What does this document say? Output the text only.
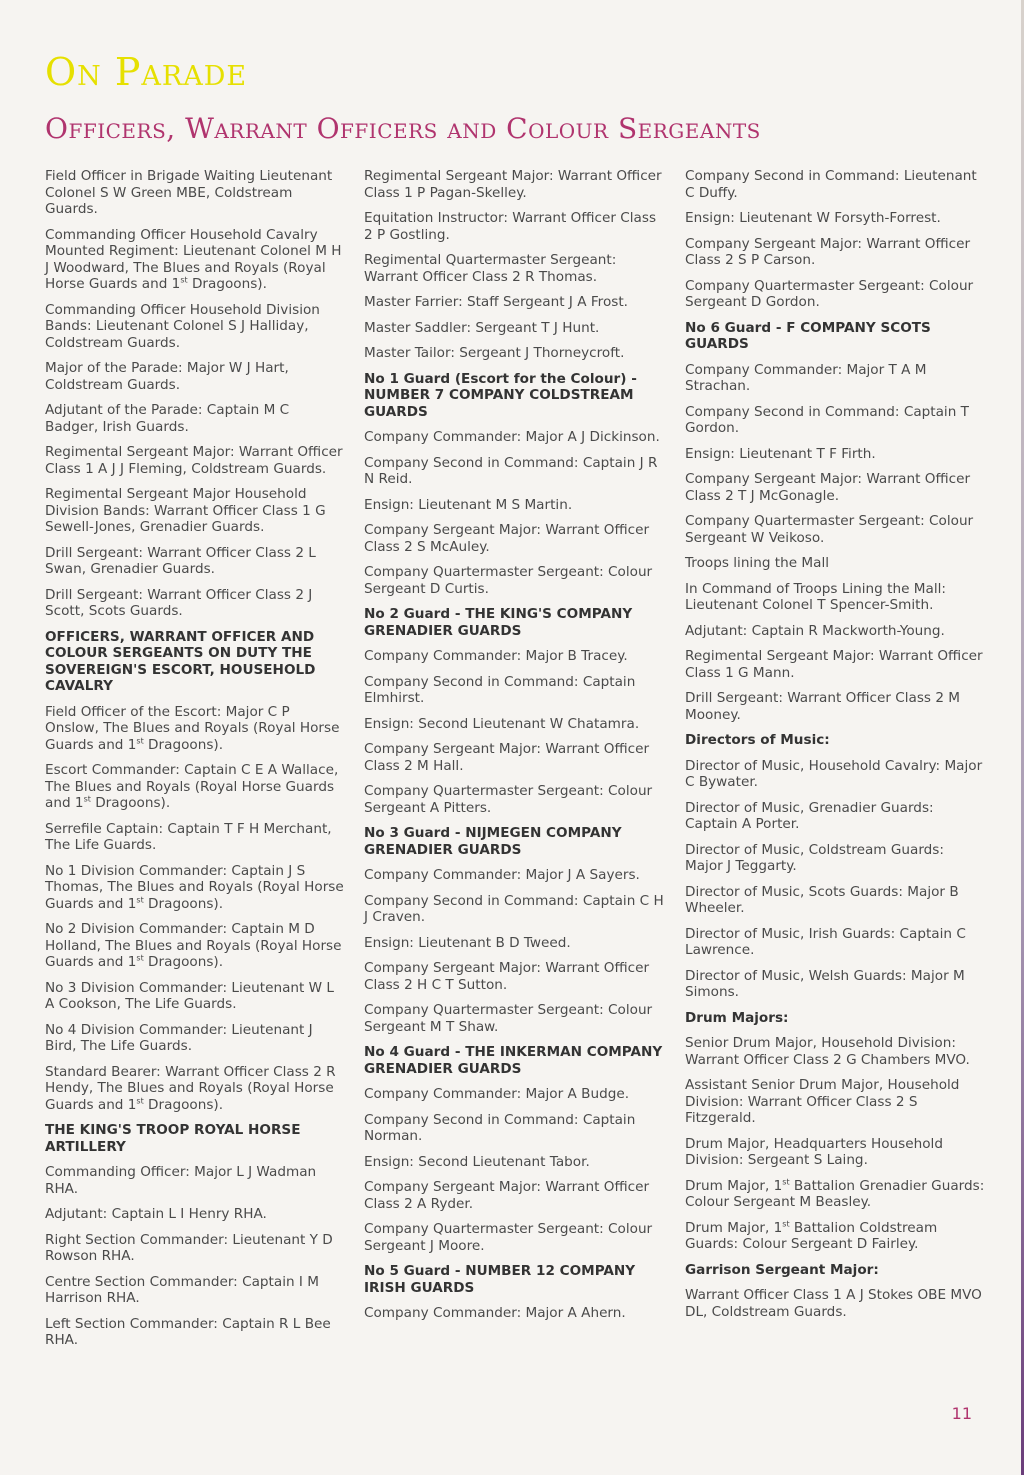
On Parade
Officers, Warrant Officers and Colour Sergeants

Field Officer in Brigade Waiting Lieutenant Colonel S W Green MBE, Coldstream Guards.

Commanding Officer Household Cavalry Mounted Regiment: Lieutenant Colonel M H J Woodward, The Blues and Royals (Royal Horse Guards and 1st Dragoons).

Commanding Officer Household Division Bands: Lieutenant Colonel S J Halliday, Coldstream Guards.

Major of the Parade: Major W J Hart, Coldstream Guards.

Adjutant of the Parade: Captain M C Badger, Irish Guards.

Regimental Sergeant Major: Warrant Officer Class 1 A J J Fleming, Coldstream Guards.

Regimental Sergeant Major Household Division Bands: Warrant Officer Class 1 G Sewell-Jones, Grenadier Guards.

Drill Sergeant: Warrant Officer Class 2 L Swan, Grenadier Guards.

Drill Sergeant: Warrant Officer Class 2 J Scott, Scots Guards.

OFFICERS, WARRANT OFFICER AND COLOUR SERGEANTS ON DUTY THE SOVEREIGN'S ESCORT, HOUSEHOLD CAVALRY

Field Officer of the Escort: Major C P Onslow, The Blues and Royals (Royal Horse Guards and 1st Dragoons).

Escort Commander: Captain C E A Wallace, The Blues and Royals (Royal Horse Guards and 1st Dragoons).

Serrefile Captain: Captain T F H Merchant, The Life Guards.

No 1 Division Commander: Captain J S Thomas, The Blues and Royals (Royal Horse Guards and 1st Dragoons).

No 2 Division Commander: Captain M D Holland, The Blues and Royals (Royal Horse Guards and 1st Dragoons).

No 3 Division Commander: Lieutenant W L A Cookson, The Life Guards.

No 4 Division Commander: Lieutenant J Bird, The Life Guards.

Standard Bearer: Warrant Officer Class 2 R Hendy, The Blues and Royals (Royal Horse Guards and 1st Dragoons).

THE KING'S TROOP ROYAL HORSE ARTILLERY

Commanding Officer: Major L J Wadman RHA.

Adjutant: Captain L I Henry RHA.

Right Section Commander: Lieutenant Y D Rowson RHA.

Centre Section Commander: Captain I M Harrison RHA.

Left Section Commander: Captain R L Bee RHA.

Regimental Sergeant Major: Warrant Officer Class 1 P Pagan-Skelley.

Equitation Instructor: Warrant Officer Class 2 P Gostling.

Regimental Quartermaster Sergeant: Warrant Officer Class 2 R Thomas.

Master Farrier: Staff Sergeant J A Frost.

Master Saddler: Sergeant T J Hunt.

Master Tailor: Sergeant J Thorneycroft.

No 1 Guard (Escort for the Colour) - NUMBER 7 COMPANY COLDSTREAM GUARDS

Company Commander: Major A J Dickinson.

Company Second in Command: Captain J R N Reid.

Ensign: Lieutenant M S Martin.

Company Sergeant Major: Warrant Officer Class 2 S McAuley.

Company Quartermaster Sergeant: Colour Sergeant D Curtis.

No 2 Guard - THE KING'S COMPANY GRENADIER GUARDS

Company Commander: Major B Tracey.

Company Second in Command: Captain Elmhirst.

Ensign: Second Lieutenant W Chatamra.

Company Sergeant Major: Warrant Officer Class 2 M Hall.

Company Quartermaster Sergeant: Colour Sergeant A Pitters.

No 3 Guard - NIJMEGEN COMPANY GRENADIER GUARDS

Company Commander: Major J A Sayers.

Company Second in Command: Captain C H J Craven.

Ensign: Lieutenant B D Tweed.

Company Sergeant Major: Warrant Officer Class 2 H C T Sutton.

Company Quartermaster Sergeant: Colour Sergeant M T Shaw.

No 4 Guard - THE INKERMAN COMPANY GRENADIER GUARDS

Company Commander: Major A Budge.

Company Second in Command: Captain Norman.

Ensign: Second Lieutenant Tabor.

Company Sergeant Major: Warrant Officer Class 2 A Ryder.

Company Quartermaster Sergeant: Colour Sergeant J Moore.

No 5 Guard - NUMBER 12 COMPANY IRISH GUARDS

Company Commander: Major A Ahern.

Company Second in Command: Lieutenant C Duffy.

Ensign: Lieutenant W Forsyth-Forrest.

Company Sergeant Major: Warrant Officer Class 2 S P Carson.

Company Quartermaster Sergeant: Colour Sergeant D Gordon.

No 6 Guard - F COMPANY SCOTS GUARDS

Company Commander: Major T A M Strachan.

Company Second in Command: Captain T Gordon.

Ensign: Lieutenant T F Firth.

Company Sergeant Major: Warrant Officer Class 2 T J McGonagle.

Company Quartermaster Sergeant: Colour Sergeant W Veikoso.

Troops lining the Mall

In Command of Troops Lining the Mall: Lieutenant Colonel T Spencer-Smith.

Adjutant: Captain R Mackworth-Young.

Regimental Sergeant Major: Warrant Officer Class 1 G Mann.

Drill Sergeant: Warrant Officer Class 2 M Mooney.

Directors of Music:

Director of Music, Household Cavalry: Major C Bywater.

Director of Music, Grenadier Guards: Captain A Porter.

Director of Music, Coldstream Guards: Major J Teggarty.

Director of Music, Scots Guards: Major B Wheeler.

Director of Music, Irish Guards: Captain C Lawrence.

Director of Music, Welsh Guards: Major M Simons.

Drum Majors:

Senior Drum Major, Household Division: Warrant Officer Class 2 G Chambers MVO.

Assistant Senior Drum Major, Household Division: Warrant Officer Class 2 S Fitzgerald.

Drum Major, Headquarters Household Division: Sergeant S Laing.

Drum Major, 1st Battalion Grenadier Guards: Colour Sergeant M Beasley.

Drum Major, 1st Battalion Coldstream Guards: Colour Sergeant D Fairley.

Garrison Sergeant Major:

Warrant Officer Class 1 A J Stokes OBE MVO DL, Coldstream Guards.

11
